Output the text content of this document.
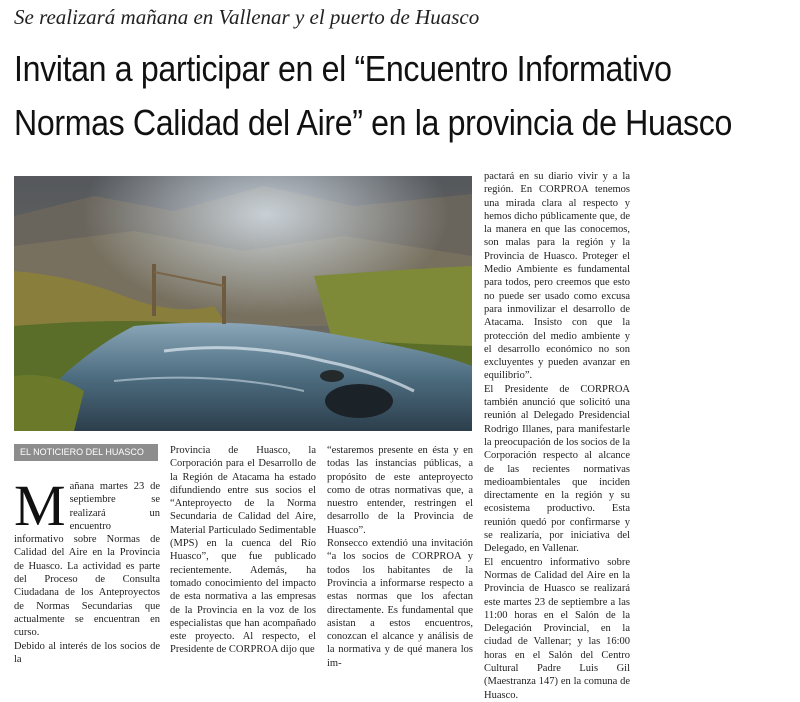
Se realizará mañana en Vallenar y el puerto de Huasco
Invitan a participar en el “Encuentro Informativo
Normas Calidad del Aire” en la provincia de Huasco
EL NOTICIERO DEL HUASCO
M añana martes 23 de septiembre se realizará un encuentro informativo sobre Normas de Calidad del Aire en la Provincia de Huasco. La actividad es parte del Proceso de Consulta Ciudadana de los Anteproyectos de Normas Secundarias que actualmente se encuentran en curso.

Debido al interés de los socios de la

Provincia de Huasco, la Corporación para el Desarrollo de la Región de Atacama ha estado difundiendo entre sus socios el “Anteproyecto de la Norma Secundaria de Calidad del Aire, Material Particulado Sedimentable (MPS) en la cuenca del Río Huasco”, que fue publicado recientemente. Además, ha tomado conocimiento del impacto de esta normativa a las empresas de la Provincia en la voz de los especialistas que han acompañado este proyecto. Al respecto, el Presidente de CORPROA dijo que

“estaremos presente en ésta y en todas las instancias públicas, a propósito de este anteproyecto como de otras normativas que, a nuestro entender, restringen el desarrollo de la Provincia de Huasco”.

Ronsecco extendió una invitación “a los socios de CORPROA y todos los habitantes de la Provincia a informarse respecto a estas normas que los afectan directamente. Es fundamental que asistan a estos encuentros, conozcan el alcance y análisis de la normativa y de qué manera los im-

pactará en su diario vivir y a la región. En CORPROA tenemos una mirada clara al respecto y hemos dicho públicamente que, de la manera en que las conocemos, son malas para la región y la Provincia de Huasco. Proteger el Medio Ambiente es fundamental para todos, pero creemos que esto no puede ser usado como excusa para inmovilizar el desarrollo de Atacama. Insisto con que la protección del medio ambiente y el desarrollo económico no son excluyentes y pueden avanzar en equilibrio”.

El Presidente de CORPROA también anunció que solicitó una reunión al Delegado Presidencial Rodrigo Illanes, para manifestarle la preocupación de los socios de la Corporación respecto al alcance de las recientes normativas medioambientales que inciden directamente en la región y su ecosistema productivo. Esta reunión quedó por confirmarse y se realizaría, por iniciativa del Delegado, en Vallenar.

El encuentro informativo sobre Normas de Calidad del Aire en la Provincia de Huasco se realizará este martes 23 de septiembre a las 11:00 horas en el Salón de la Delegación Provincial, en la ciudad de Vallenar; y las 16:00 horas en el Salón del Centro Cultural Padre Luis Gil (Maestranza 147) en la comuna de Huasco.
